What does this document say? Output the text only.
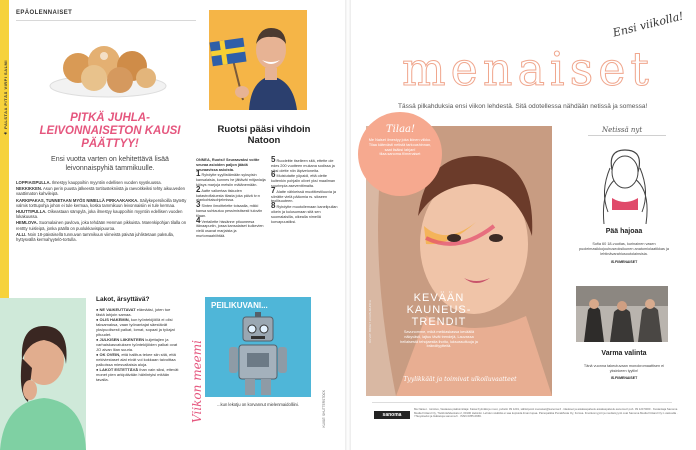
★ PALSTAA PITÄÄ VIRPI SALMI
EPÄOLENNAISET
PITKÄ JUHLA-LEIVONNAISETON KAUSI PÄÄTTYY!
Ensi vuotta varten on kehitettävä lisää leivonnaispyhiä tammikuulle.

LOPPIAISPULLA. Ilmestyy kauppoihin myyntiin edellisen vuoden syyskuussa.

NEKKIKKEN. Asun perin puusta jälkeestä tortitustekniistä ja raevoitkeiksi tehty aikuuveden vaattimaton kahvileipä.

KARKIPAKAS, TUNNETAAN MYÖS NIMELLÄ PIRKAAKAKKA. Säilykepersikoilla täytetty valmis torttupohja johon ei tule kermaa, koska tammikuun leivonnaisiin ei tule kermaa.

HUUTTIPULLA. Oikeastaan sämpylä, joka ilmestyy kauppoihin myyntiin edellisen vuoden lokakuussa.

HEMLOVA. Suomalainen pavlova, joka tehdään Henman pikkuista. Marenkipohjan tilalla on renttty ruisleipä, jonka päällä on puolukkavispipuuroa.

ALLI. Noin 18-päiväisellä tunnuvan tammikuun viimeistä päivää juhlistetaan paksulla, hyttysvällä kermahyytelö-tortulla.

Ruotsi pääsi vihdoin Natoon
ONNEA, Ruotsi! Seuraavaksi voitte seuraa asioiden paljon jäädä seuraavissa asioista.
1 Ryhdytte syyllistämään syksyisin kansalaisia, kunnes he jättävät mitjanlaija köisys marjoja metsiin mätänemään.
2 Aatte valkertaa tiskuden katastrofialuesta tilasta joka päivä tv:n ajankohtaisohjelmissa.
3 Sinten ilmoittelette toisaalla, mikki kansa suhtautuu pessimistisesti tuloviin tilaan.
4 Vertailette hissänne pituuneesa itänaapuriin, jossa kansalaiset kulkevien vielä osavat marjaista ja murtomaahiihtää.
5 Ruodeitte itselleen sitä, ettette ole edes 200 vuotteen mukana sodissa ja siksi olette niin läpivetoneita.
6 Muistutatte yöpaidi, että olette kuitenkin pohjalin olivet yksi maailman suurimpia aseventtimaita.
7 Alatte vähkeissä muotitiestiluuvia ja siirrätte vielä pääomia rs. sikseen teollisuuteen.
8 Ryhdytte muotoilemaan kanelipullan oikein ja kulusumaan sitä sen suomalaisilla, oikealla nimellä korvapuustiksi.
Lakot, ärsyttävä?

● NE VAIKEUTTAVAT elämääsi, joten tue tästä lahjoin samaa.

● OLIS HAKEMIN, kun työntekijöillä ei olisi taksamaksa, vaan työnantajat säestävät yksipuolisesti palkat, lomat, sopaat ja työajat pituudet.

● JULKISEN LIIKENTEEN kuljettajien ja varhaiskasvatuksen työntekijöiden palkat ovat JO aivan liian suuria.

● OK OVEIN, että hallitus tekee siin sitä, että nekiviestaset alat eivät voi kokkaan taivoittaa palkoissa miesvaltaisia aloja.

● LAKOT ESTETTÄVÄ ihan vain siksi, ettevät monet pien arkipäivään häiriintyisi mitään tavalla.	Viikon meemi
PEILIKUVANI...
...kun lekotju on korvannut mielenmaidolliini.	KUVAT: SHUTTERSTOCK
Ensi viikolla!
menaiset
Tässä pilkahduksia ensi viikon lehdestä. Sitä odotellessa nähdään netissä ja somessa!
KUVAT: BRIGIT LOUIS-MUNCH
KEVÄÄN KAUNEUS-TRENDIT
Savunomme, mikä meikiaskassa keväällä näkyvästi, lajtuu tävät trendejä, Lauvassa hellaisestä tehojaestia ihottu, luksussultuuja ja brändityytteitä.
Tyylikkäät ja toimivat ulkoiluvaatteet
Tilaa!
Me Naiset ilmestyy joka ikinen viikko. Tilaa kätevästi netistä tarkoushinnan, saat lisäksi lahjan! tilaa.sanoma.fi/menaiset
Netissä nyt
Pää hajoaa
Sofia 60 18-vuotias, kurinainen vasen puoleimasikkojouhuseoksikunen anatomiolaatikkas ja lehtinävarahiusoutolainsisia.
IS.FI/MENAISET
Varma valinta
Tänä vuonna takeutuvaan monokromaattisen ei yksinkeen tyyliin!
IS.FI/MENAISET
sanoma
Me Naiset · toimitus, Vastaava päätoimittaja: Kaisa Kylmälä ja muut, puhelin 09 1201, sähköposti menaiset@sanoma.fi · tilaukset ja asiakaspalvelu asiakaspalvelu.sanoma.fi puh. 09 120 5000 · Kustantaja Sanoma Media Finland Oy, Töölönlahdenkatu 2, 00100 Helsinki. Lehden sisältöä ei saa kopioida ilman lupaa. Painopaikka PunaMusta Oy, Forssa. Ilmoitusmyynti ja mediamyynti ovat Sanoma Media Finland Oy:n vastuulla · Yhteystiedot ja lisätietoja sanoma.fi · ISSN 0355-0966.
